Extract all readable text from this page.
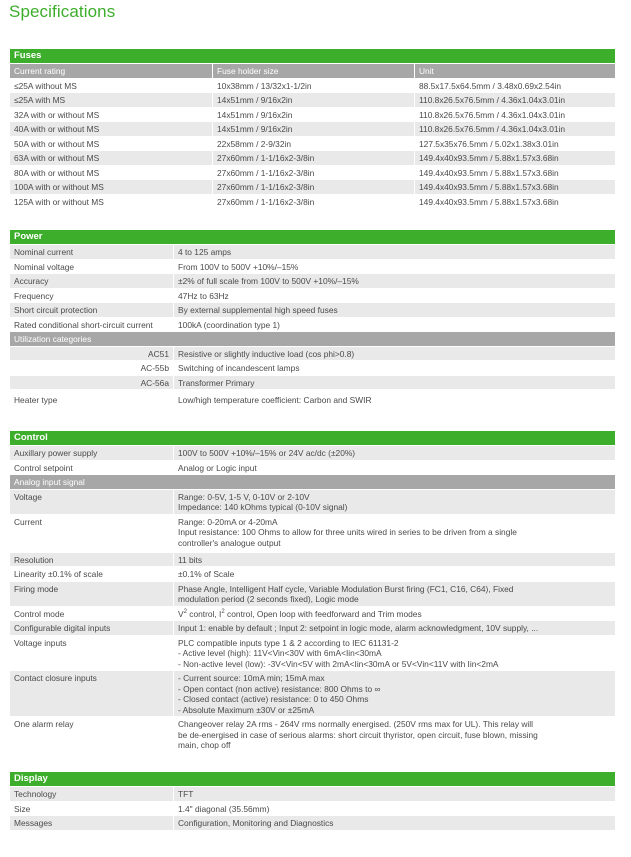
Specifications
Fuses
Current rating	Fuse holder size	Unit
≤25A without MS	10x38mm / 13/32x1-1/2in	88.5x17.5x64.5mm / 3.48x0.69x2.54in
≤25A with MS	14x51mm / 9/16x2in	110.8x26.5x76.5mm / 4.36x1.04x3.01in
32A with or without MS	14x51mm / 9/16x2in	110.8x26.5x76.5mm / 4.36x1.04x3.01in
40A with or without MS	14x51mm / 9/16x2in	110.8x26.5x76.5mm / 4.36x1.04x3.01in
50A with or without MS	22x58mm / 2-9/32in	127.5x35x76.5mm / 5.02x1.38x3.01in
63A with or without MS	27x60mm / 1-1/16x2-3/8in	149.4x40x93.5mm / 5.88x1.57x3.68in
80A with or without MS	27x60mm / 1-1/16x2-3/8in	149.4x40x93.5mm / 5.88x1.57x3.68in
100A with or without MS	27x60mm / 1-1/16x2-3/8in	149.4x40x93.5mm / 5.88x1.57x3.68in
125A with or without MS	27x60mm / 1-1/16x2-3/8in	149.4x40x93.5mm / 5.88x1.57x3.68in
Power
Nominal current	4 to 125 amps
Nominal voltage	From 100V to 500V +10%/–15%
Accuracy	±2% of full scale from 100V to 500V +10%/–15%
Frequency	47Hz to 63Hz
Short circuit protection	By external supplemental high speed fuses
Rated conditional short-circuit current	100kA (coordination type 1)
Utilization categories
AC51	Resistive or slightly inductive load (cos phi>0.8)
AC-55b	Switching of incandescent lamps
AC-56a	Transformer Primary
Heater type	Low/high temperature coefficient: Carbon and SWIR
Control
Auxillary power supply	100V to 500V +10%/–15% or 24V ac/dc (±20%)
Control setpoint	Analog or Logic input
Analog input signal
Voltage	Range: 0-5V, 1-5 V, 0-10V or 2-10V
Impedance: 140 kOhms typical (0-10V signal)
Current	Range: 0-20mA or 4-20mA
Input resistance: 100 Ohms to allow for three units wired in series to be driven from a single
controller's analogue output
Resolution	11 bits
Linearity ±0.1% of scale	±0.1% of Scale
Firing mode	Phase Angle, Intelligent Half cycle, Variable Modulation Burst firing (FC1, C16, C64), Fixed
modulation period (2 seconds fixed), Logic mode
Control mode	$V^2$ control, $I^2$ control, Open loop with feedforward and Trim modes
Configurable digital inputs	Input 1: enable by default ; Input 2: setpoint in logic mode, alarm acknowledgment, 10V supply, ...
Voltage inputs	PLC compatible inputs type 1 & 2 according to IEC 61131-2
- Active level (high): 11V<Vin<30V with 6mA<Iin<30mA
- Non-active level (low): -3V<Vin<5V with 2mA<Iin<30mA or 5V<Vin<11V with Iin<2mA
Contact closure inputs	- Current source: 10mA min; 15mA max
- Open contact (non active) resistance: 800 Ohms to ∞
- Closed contact (active) resistance: 0 to 450 Ohms
- Absolute Maximum ±30V or ±25mA
One alarm relay	Changeover relay 2A rms - 264V rms normally energised. (250V rms max for UL). This relay will
be de-energised in case of serious alarms: short circuit thyristor, open circuit, fuse blown, missing
main, chop off
Display
Technology	TFT
Size	1.4" diagonal (35.56mm)
Messages	Configuration, Monitoring and Diagnostics
